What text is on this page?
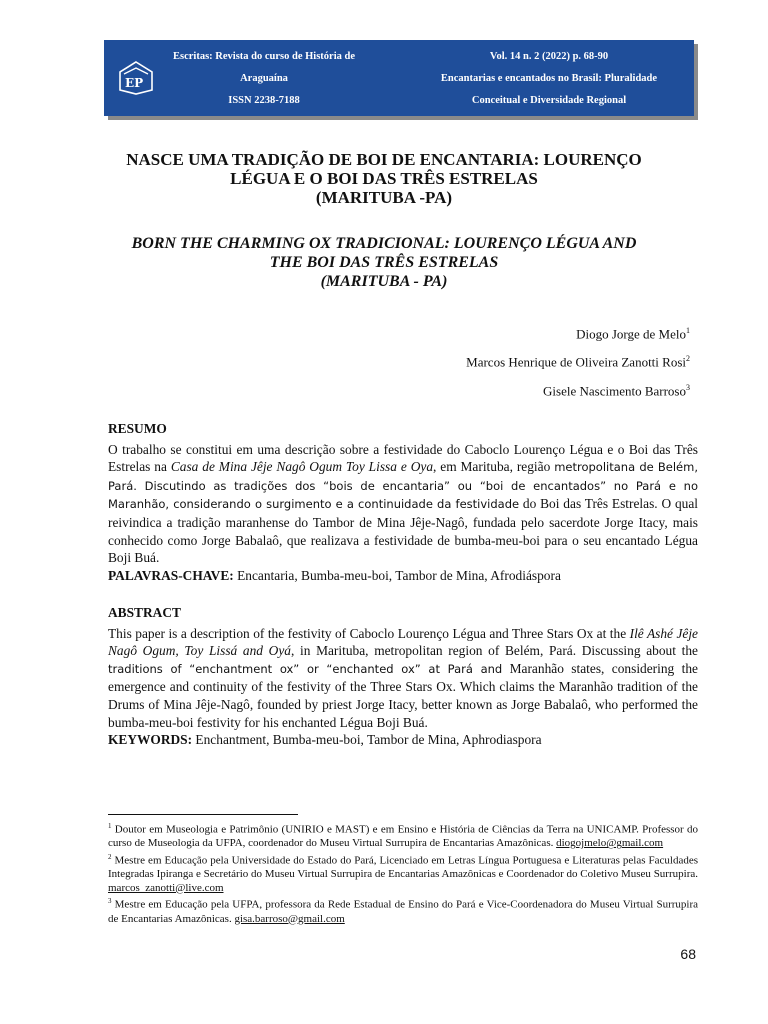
EP
Escritas: Revista do curso de História de
Araguaína
ISSN 2238-7188
Vol. 14 n. 2 (2022) p. 68-90
Encantarias e encantados no Brasil: Pluralidade
Conceitual e Diversidade Regional
NASCE UMA TRADIÇÃO DE BOI DE ENCANTARIA: LOURENÇO
LÉGUA E O BOI DAS TRÊS ESTRELAS
(MARITUBA -PA)
BORN THE CHARMING OX TRADICIONAL: LOURENÇO LÉGUA AND
THE BOI DAS TRÊS ESTRELAS
(MARITUBA - PA)
Diogo Jorge de Melo$^1$
Marcos Henrique de Oliveira Zanotti Rosi$^2$
Gisele Nascimento Barroso$^3$
RESUMO

O trabalho se constitui em uma descrição sobre a festividade do Caboclo Lourenço Légua e o Boi das Três Estrelas na Casa de Mina Jêje Nagô Ogum Toy Lissa e Oya, em Marituba, região metropolitana de Belém, Pará. Discutindo as tradições dos “bois de encantaria” ou “boi de encantados” no Pará e no Maranhão, considerando o surgimento e a continuidade da festividade do Boi das Três Estrelas. O qual reivindica a tradição maranhense do Tambor de Mina Jêje-Nagô, fundada pelo sacerdote Jorge Itacy, mais conhecido como Jorge Babalaô, que realizava a festividade de bumba-meu-boi para o seu encantado Légua Boji Buá.

PALAVRAS-CHAVE: Encantaria, Bumba-meu-boi, Tambor de Mina, Afrodiáspora

ABSTRACT

This paper is a description of the festivity of Caboclo Lourenço Légua and Three Stars Ox at the Ilê Ashé Jêje Nagô Ogum, Toy Lissá and Oyá, in Marituba, metropolitan region of Belém, Pará. Discussing about the traditions of “enchantment ox” or “enchanted ox” at Pará and Maranhão states, considering the emergence and continuity of the festivity of the Three Stars Ox. Which claims the Maranhão tradition of the Drums of Mina Jêje-Nagô, founded by priest Jorge Itacy, better known as Jorge Babalaô, who performed the bumba-meu-boi festivity for his enchanted Légua Boji Buá.

KEYWORDS: Enchantment, Bumba-meu-boi, Tambor de Mina, Aphrodiaspora

$^1$ Doutor em Museologia e Patrimônio (UNIRIO e MAST) e em Ensino e História de Ciências da Terra na UNICAMP. Professor do curso de Museologia da UFPA, coordenador do Museu Virtual Surrupira de Encantarias Amazônicas. diogojmelo@gmail.com

$^2$ Mestre em Educação pela Universidade do Estado do Pará, Licenciado em Letras Língua Portuguesa e Literaturas pelas Faculdades Integradas Ipiranga e Secretário do Museu Virtual Surrupira de Encantarias Amazônicas e Coordenador do Coletivo Museu Surrupira. marcos_zanotti@live.com

$^3$ Mestre em Educação pela UFPA, professora da Rede Estadual de Ensino do Pará e Vice-Coordenadora do Museu Virtual Surrupira de Encantarias Amazônicas. gisa.barroso@gmail.com

68
